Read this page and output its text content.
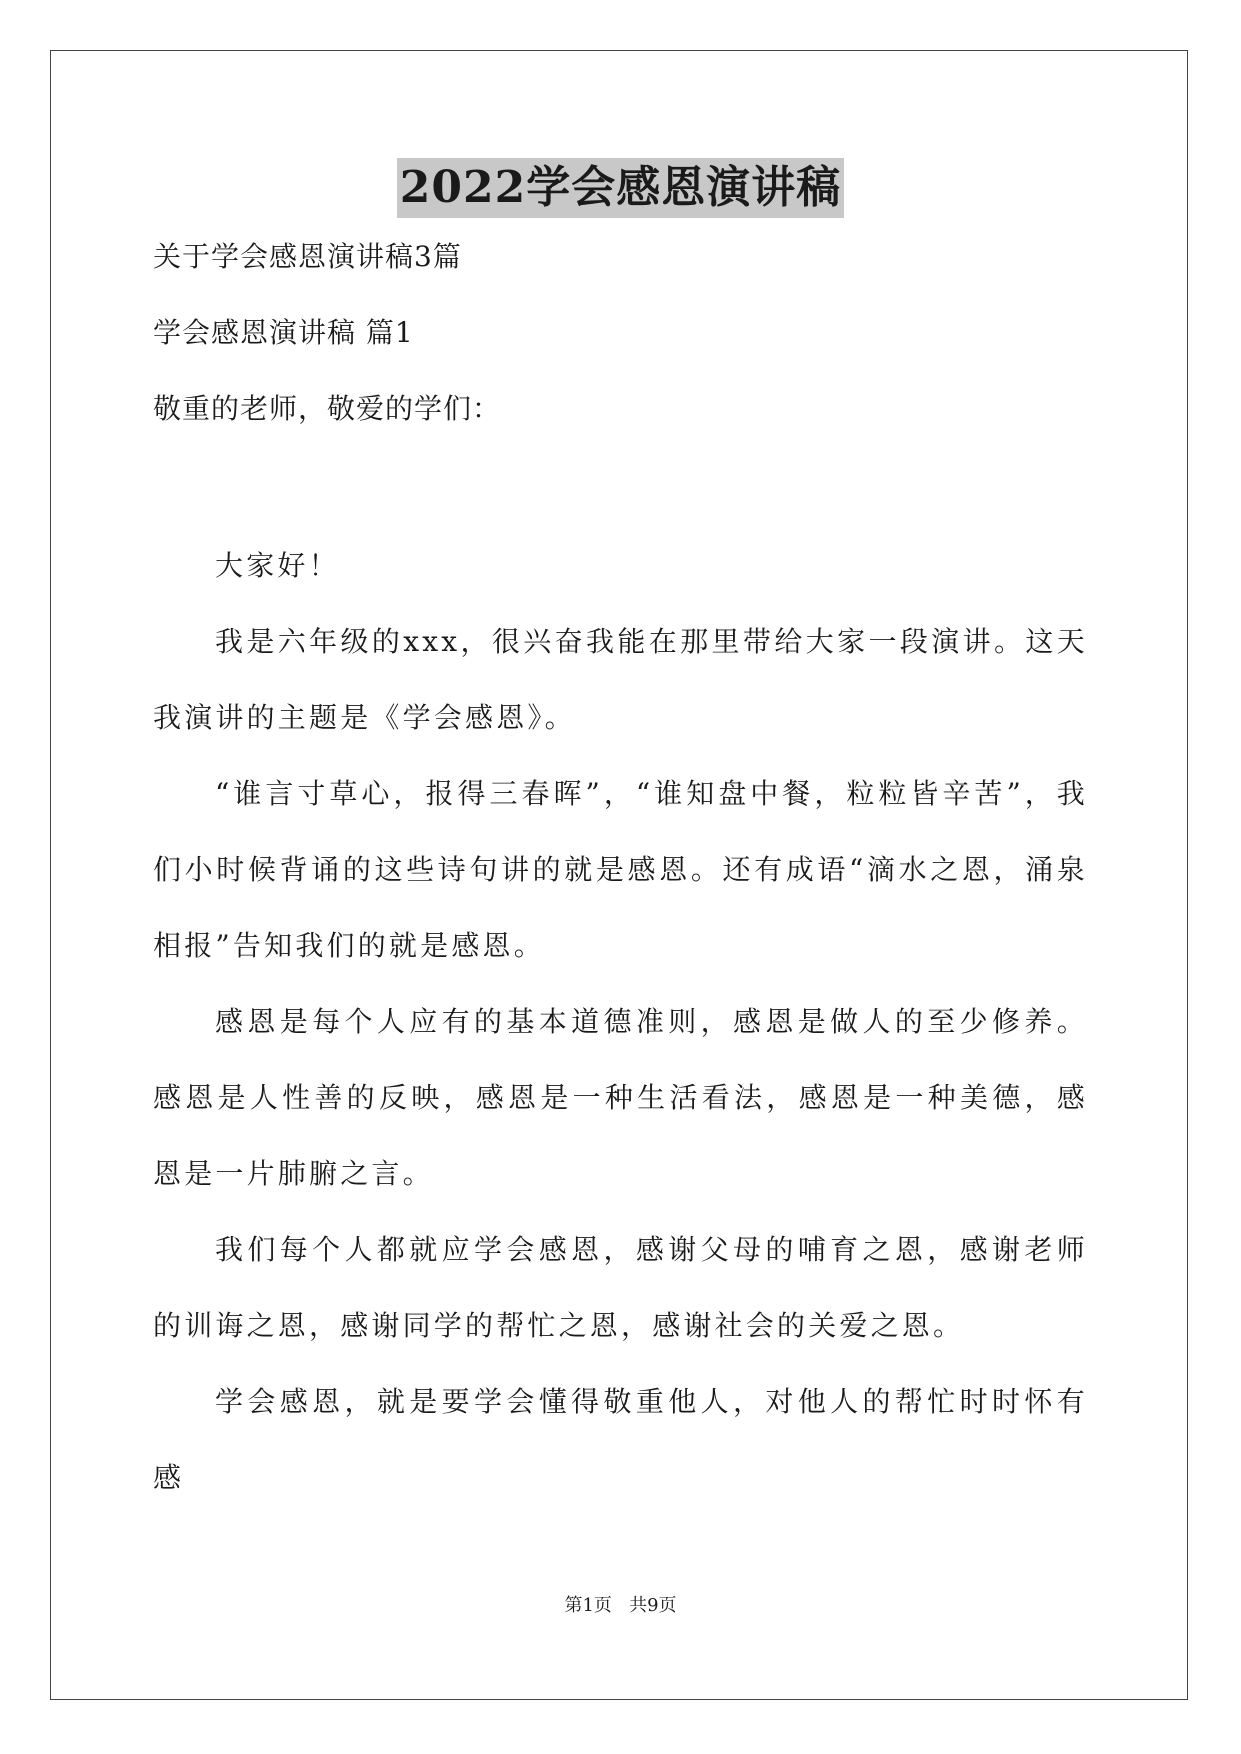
2022学会感恩演讲稿
关于学会感恩演讲稿3篇
学会感恩演讲稿 篇1
敬重的老师，敬爱的学们：
大家好！
我是六年级的xxx，很兴奋我能在那里带给大家一段演讲。这天我演讲的主题是《学会感恩》。
“谁言寸草心，报得三春晖”，“谁知盘中餐，粒粒皆辛苦”，我们小时候背诵的这些诗句讲的就是感恩。还有成语“滴水之恩，涌泉相报”告知我们的就是感恩。
感恩是每个人应有的基本道德准则，感恩是做人的至少修养。感恩是人性善的反映，感恩是一种生活看法，感恩是一种美德，感恩是一片肺腑之言。
我们每个人都就应学会感恩，感谢父母的哺育之恩，感谢老师的训诲之恩，感谢同学的帮忙之恩，感谢社会的关爱之恩。
学会感恩，就是要学会懂得敬重他人，对他人的帮忙时时怀有感
第1页   共9页
